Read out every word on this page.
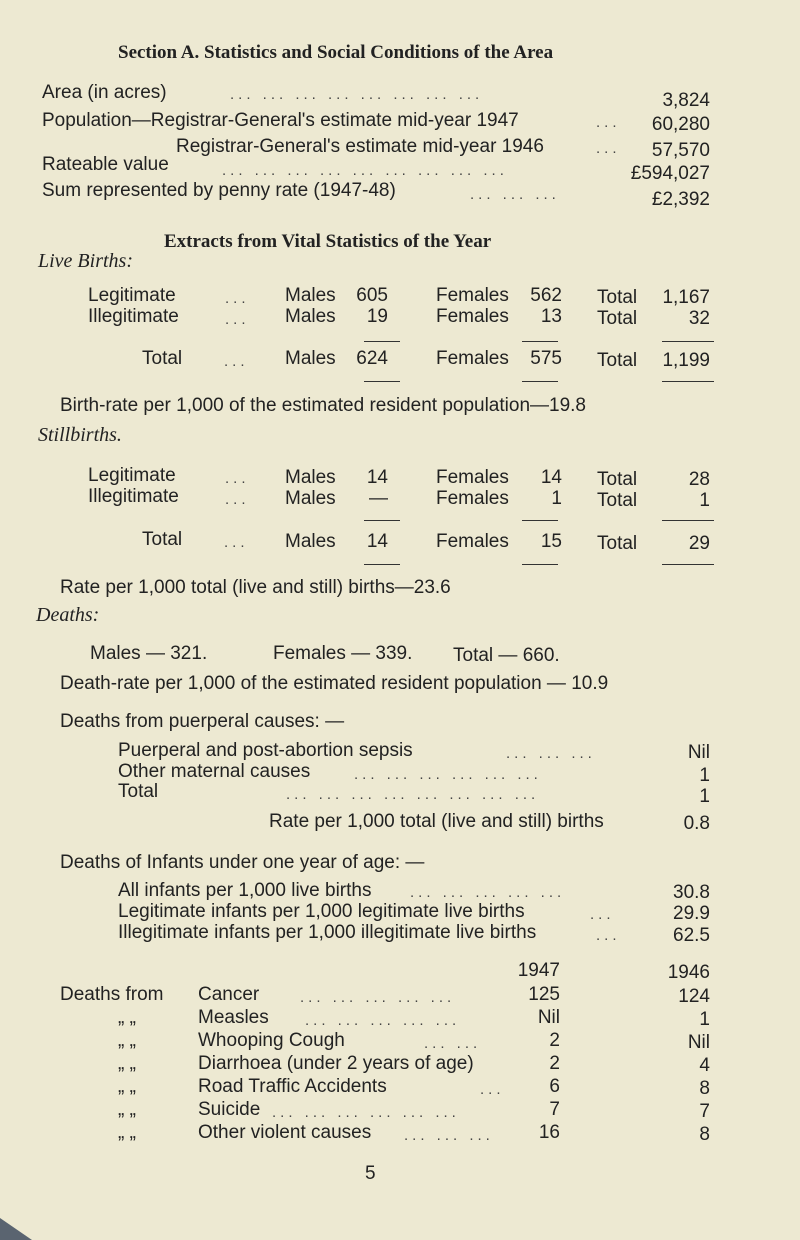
Section A. Statistics and Social Conditions of the Area
Area (in acres)	... ... ... ... ... ... ... ...	3,824
Population—Registrar-General's estimate mid-year 1947	... 60,280
Registrar-General's estimate mid-year 1946	... 57,570
Rateable value	... ... ... ... ... ... ... ... ...	£594,027
Sum represented by penny rate (1947-48)	... ... ...	£2,392
Extracts from Vital Statistics of the Year
Live Births:
Legitimate	... Males 605	Females 562 Total 1,167
Illegitimate	... Males 19	Females 13 Total	32
Total	... Males 624	Females 575 Total 1,199
Birth-rate per 1,000 of the estimated resident population—19.8
Stillbirths.
Legitimate	... Males 14	Females 14 Total	28
Illegitimate	... Males —	Females 1 Total	1
Total	... Males 14	Females 15 Total	29
Rate per 1,000 total (live and still) births—23.6
Deaths:
Males — 321.	Females — 339. Total — 660.
Death-rate per 1,000 of the estimated resident population — 10.9
Deaths from puerperal causes: —
Puerperal and post-abortion sepsis	... ... ...	Nil
Other maternal causes	... ... ... ... ... ...	1
Total	... ... ... ... ... ... ... ...	1
Rate per 1,000 total (live and still) births	0.8
Deaths of Infants under one year of age: —
All infants per 1,000 live births	... ... ... ... ...	30.8
Legitimate infants per 1,000 legitimate live births	...	29.9
Illegitimate infants per 1,000 illegitimate live births	...	62.5
1947	1946
Deaths from Cancer	... ... ... ... ...	125	124
„ „	Measles ... ... ... ... ...	Nil	1
„ „	Whooping Cough	... ...	2	Nil
„ „	Diarrhoea (under 2 years of age)	2	4
„ „	Road Traffic Accidents	... 6	8
„ „	Suicide ... ... ... ... ... ...	7	7
„ „	Other violent causes ... ... ... 16	8
5
